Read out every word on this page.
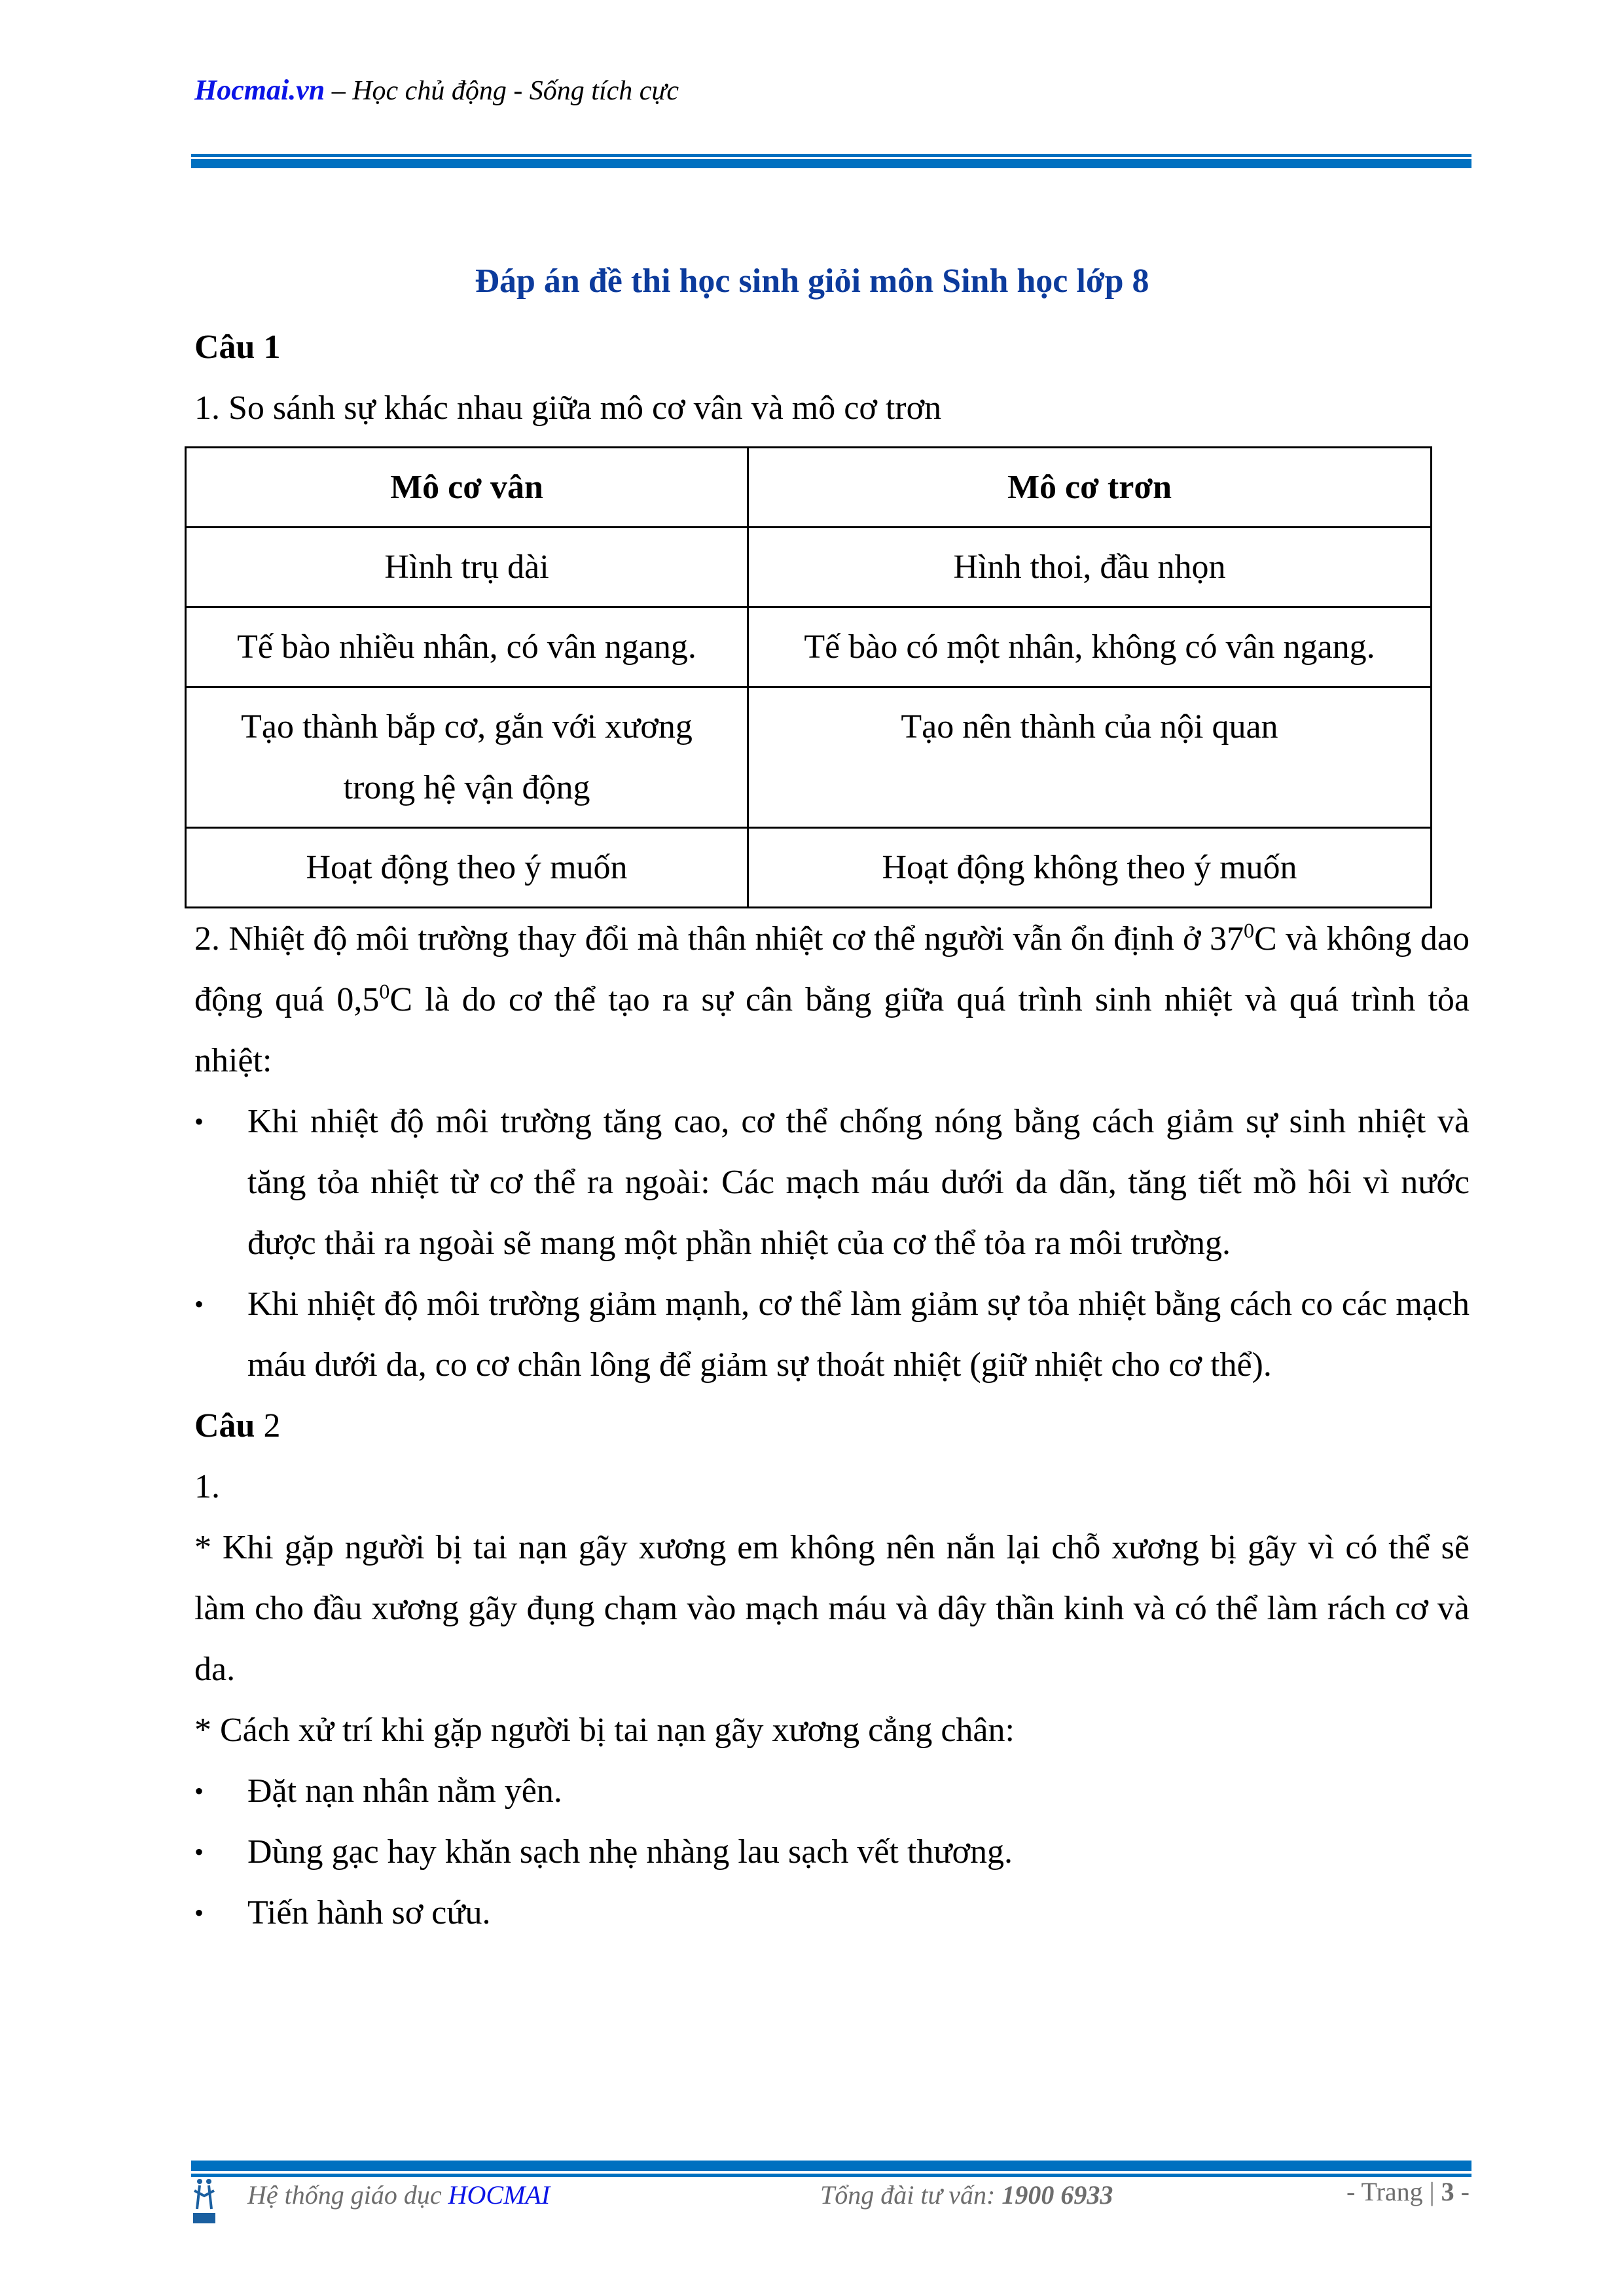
Hocmai.vn – Học chủ động - Sống tích cực
Đáp án đề thi học sinh giỏi môn Sinh học lớp 8

Câu 1

1. So sánh sự khác nhau giữa mô cơ vân và mô cơ trơn

Mô cơ vân	Mô cơ trơn
Hình trụ dài	Hình thoi, đầu nhọn
Tế bào nhiều nhân, có vân ngang.	Tế bào có một nhân, không có vân ngang.
Tạo thành bắp cơ, gắn với xương trong hệ vận động	Tạo nên thành của nội quan
Hoạt động theo ý muốn	Hoạt động không theo ý muốn

2. Nhiệt độ môi trường thay đổi mà thân nhiệt cơ thể người vẫn ổn định ở $37^0C$ và không dao động quá $0,5^0C$ là do cơ thể tạo ra sự cân bằng giữa quá trình sinh nhiệt và quá trình tỏa nhiệt:

• Khi nhiệt độ môi trường tăng cao, cơ thể chống nóng bằng cách giảm sự sinh nhiệt và tăng tỏa nhiệt từ cơ thể ra ngoài: Các mạch máu dưới da dãn, tăng tiết mồ hôi vì nước được thải ra ngoài sẽ mang một phần nhiệt của cơ thể tỏa ra môi trường.
• Khi nhiệt độ môi trường giảm mạnh, cơ thể làm giảm sự tỏa nhiệt bằng cách co các mạch máu dưới da, co cơ chân lông để giảm sự thoát nhiệt (giữ nhiệt cho cơ thể).

Câu 2

1.

* Khi gặp người bị tai nạn gãy xương em không nên nắn lại chỗ xương bị gãy vì có thể sẽ làm cho đầu xương gãy đụng chạm vào mạch máu và dây thần kinh và có thể làm rách cơ và da.

* Cách xử trí khi gặp người bị tai nạn gãy xương cẳng chân:

• Đặt nạn nhân nằm yên.
• Dùng gạc hay khăn sạch nhẹ nhàng lau sạch vết thương.
• Tiến hành sơ cứu.
Hệ thống giáo dục HOCMAI	Tổng đài tư vấn: 1900 6933	- Trang | 3 -
